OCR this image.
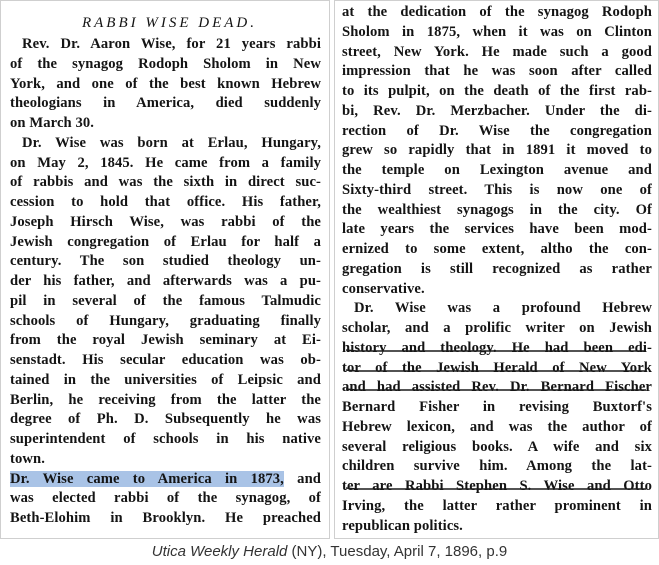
RABBI WISE DEAD.
Rev. Dr. Aaron Wise, for 21 years rabbi
of the synagog Rodoph Sholom in New
York, and one of the best known Hebrew
theologians in America, died suddenly
on March 30.
Dr. Wise was born at Erlau, Hungary,
on May 2, 1845. He came from a family
of rabbis and was the sixth in direct suc-
cession to hold that office. His father,
Joseph Hirsch Wise, was rabbi of the
Jewish congregation of Erlau for half a
century. The son studied theology un-
der his father, and afterwards was a pu-
pil in several of the famous Talmudic
schools of Hungary, graduating finally
from the royal Jewish seminary at Ei-
senstadt. His secular education was ob-
tained in the universities of Leipsic and
Berlin, he receiving from the latter the
degree of Ph. D. Subsequently he was
superintendent of schools in his native
town.
Dr. Wise came to America in 1873, and
was elected rabbi of the synagog, of
Beth-Elohim in Brooklyn. He preached
at the dedication of the synagog Rodoph
Sholom in 1875, when it was on Clinton
street, New York. He made such a good
impression that he was soon after called
to its pulpit, on the death of the first rab-
bi, Rev. Dr. Merzbacher. Under the di-
rection of Dr. Wise the congregation
grew so rapidly that in 1891 it moved to
the temple on Lexington avenue and
Sixty-third street. This is now one of
the wealthiest synagogs in the city. Of
late years the services have been mod-
ernized to some extent, altho the con-
gregation is still recognized as rather
conservative.
Dr. Wise was a profound Hebrew
scholar, and a prolific writer on Jewish
history and theology. He had been edi-
tor of the Jewish Herald of New York
and had assisted Rev. Dr. Bernard Fischer
Bernard Fisher in revising Buxtorf's
Hebrew lexicon, and was the author of
several religious books. A wife and six
children survive him. Among the lat-
ter are Rabbi Stephen S. Wise and Otto
Irving, the latter rather prominent in
republican politics.
Utica Weekly Herald (NY), Tuesday, April 7, 1896, p.9
